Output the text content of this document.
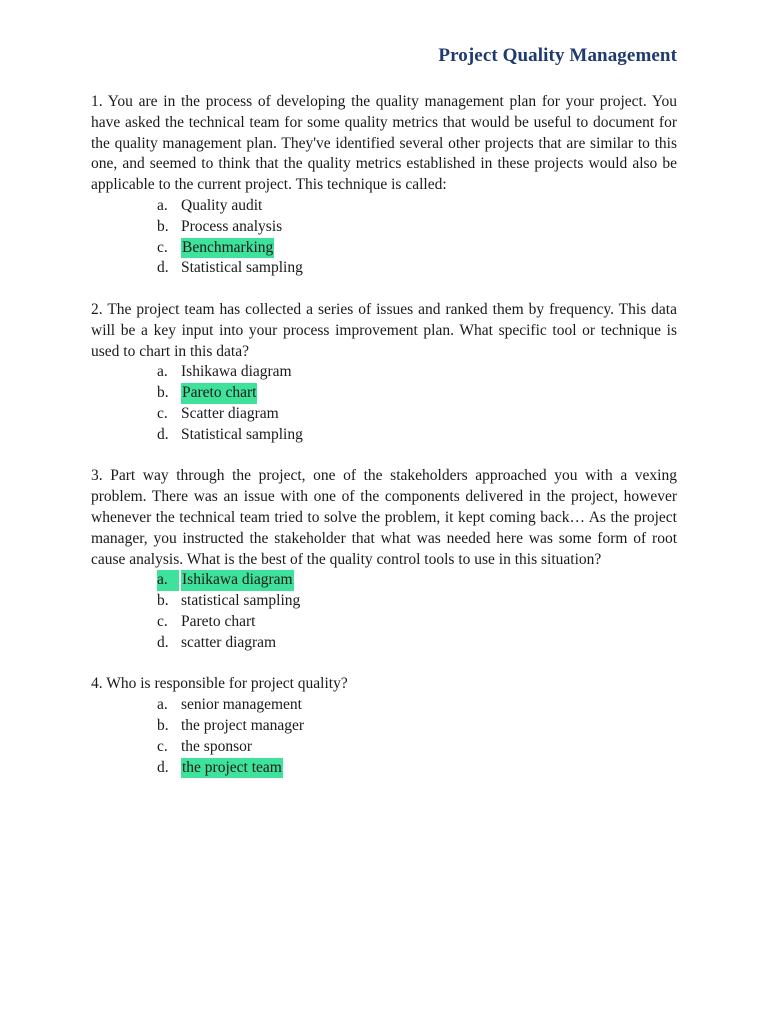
Project Quality Management

1. You are in the process of developing the quality management plan for your project. You have asked the technical team for some quality metrics that would be useful to document for the quality management plan. They've identified several other projects that are similar to this one, and seemed to think that the quality metrics established in these projects would also be applicable to the current project. This technique is called:

a. Quality audit
b. Process analysis
c. Benchmarking
d. Statistical sampling

2. The project team has collected a series of issues and ranked them by frequency. This data will be a key input into your process improvement plan. What specific tool or technique is used to chart in this data?

a. Ishikawa diagram
b. Pareto chart
c. Scatter diagram
d. Statistical sampling

3. Part way through the project, one of the stakeholders approached you with a vexing problem. There was an issue with one of the components delivered in the project, however whenever the technical team tried to solve the problem, it kept coming back… As the project manager, you instructed the stakeholder that what was needed here was some form of root cause analysis. What is the best of the quality control tools to use in this situation?

a. Ishikawa diagram
b. statistical sampling
c. Pareto chart
d. scatter diagram

4. Who is responsible for project quality?

a. senior management
b. the project manager
c. the sponsor
d. the project team
